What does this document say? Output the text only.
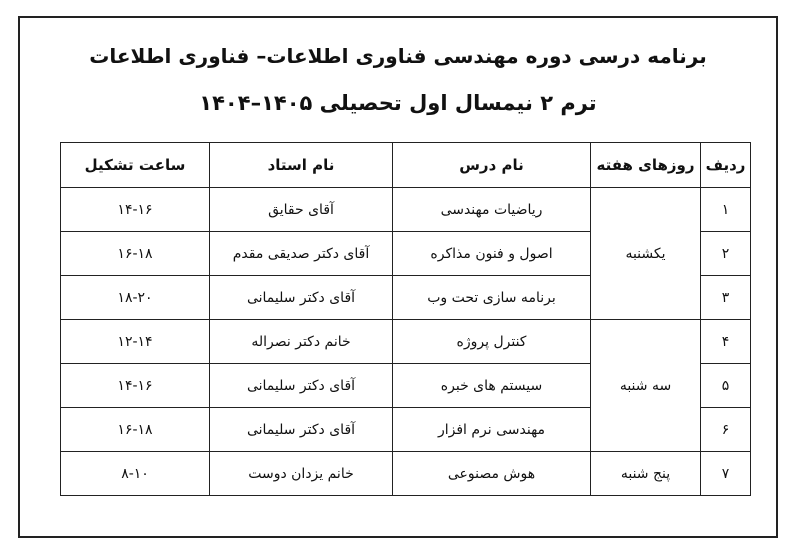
برنامه درسی دوره مهندسی فناوری اطلاعات– فناوری اطلاعات
ترم ۲ نیمسال اول تحصیلی ۱۴۰۵–۱۴۰۴
ردیف	روزهای هفته	نام درس	نام استاد	ساعت تشکیل
۱	یکشنبه	ریاضیات مهندسی	آقای حقایق	۱۴-۱۶
۲		اصول و فنون مذاکره	آقای دکتر صدیقی مقدم	۱۶-۱۸
۳		برنامه سازی تحت وب	آقای دکتر سلیمانی	۱۸-۲۰
۴	سه شنبه	کنترل پروژه	خانم دکتر نصراله	۱۲-۱۴
۵		سیستم های خبره	آقای دکتر سلیمانی	۱۴-۱۶
۶		مهندسی نرم افزار	آقای دکتر سلیمانی	۱۶-۱۸
۷	پنج شنبه	هوش مصنوعی	خانم یزدان دوست	۸-۱۰
